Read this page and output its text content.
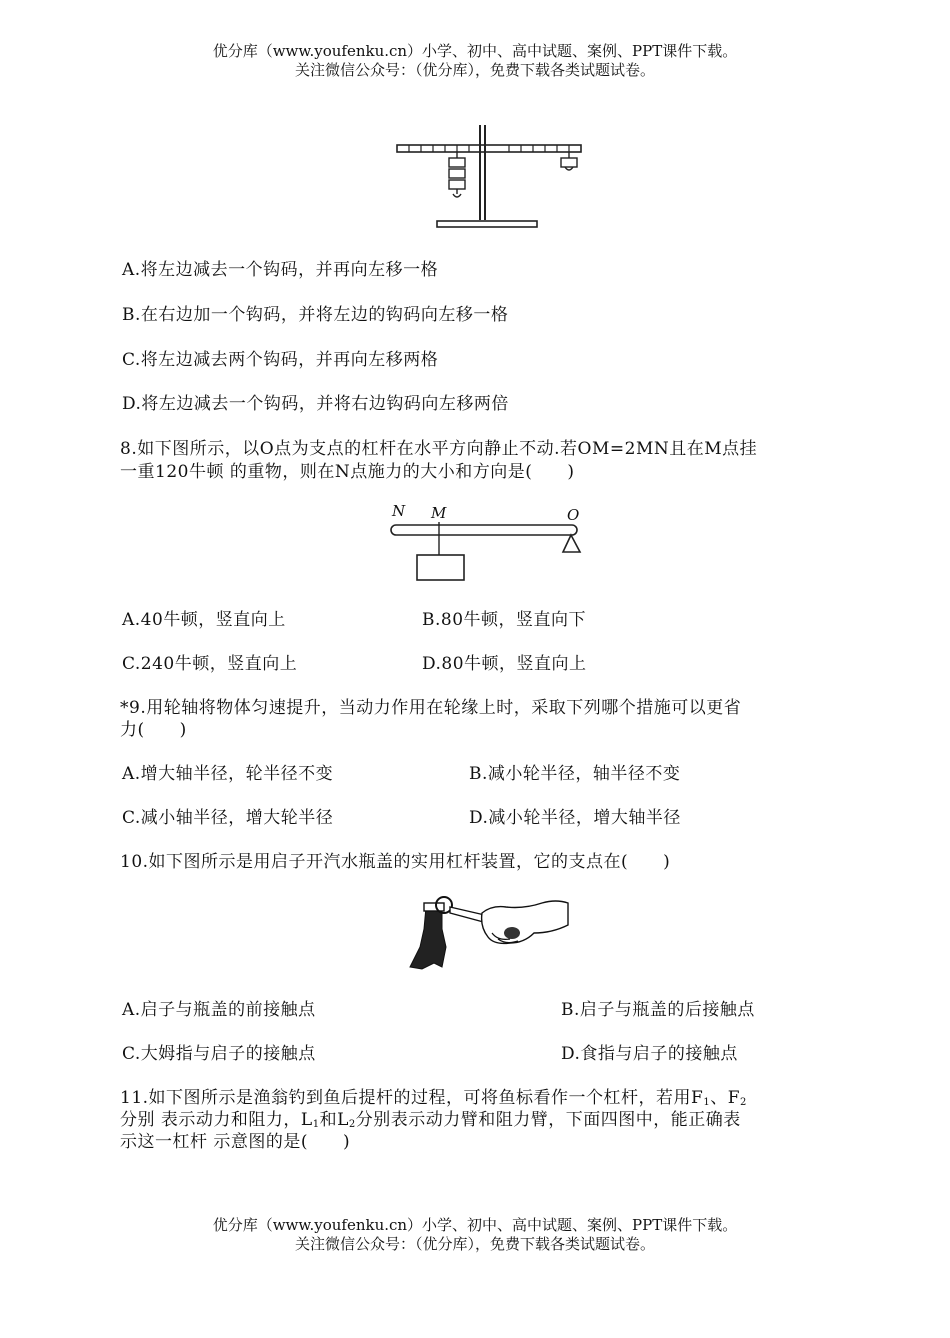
优分库（www.youfenku.cn）小学、初中、高中试题、案例、PPT课件下载。
关注微信公众号：（优分库），免费下载各类试题试卷。
A.将左边减去一个钩码，并再向左移一格
B.在右边加一个钩码，并将左边的钩码向左移一格
C.将左边减去两个钩码，并再向左移两格
D.将左边减去一个钩码，并将右边钩码向左移两倍
8.如下图所示，以O点为支点的杠杆在水平方向静止不动.若OM=2MN且在M点挂
一重120牛顿 的重物，则在N点施力的大小和方向是(　　)
N M	O
A.40牛顿，竖直向上	B.80牛顿，竖直向下
C.240牛顿，竖直向上	D.80牛顿，竖直向上
*9.用轮轴将物体匀速提升，当动力作用在轮缘上时，采取下列哪个措施可以更省
力(　　)
A.增大轴半径，轮半径不变	B.减小轮半径，轴半径不变
C.减小轴半径，增大轮半径	D.减小轮半径，增大轴半径
10.如下图所示是用启子开汽水瓶盖的实用杠杆装置，它的支点在(　　)
A.启子与瓶盖的前接触点	B.启子与瓶盖的后接触点
C.大姆指与启子的接触点	D.食指与启子的接触点
11.如下图所示是渔翁钓到鱼后提杆的过程，可将鱼标看作一个杠杆，若用$F_1$、$F_2$
分别 表示动力和阻力，$L_1$和$L_2$分别表示动力臂和阻力臂，下面四图中，能正确表
示这一杠杆 示意图的是(　　)
优分库（www.youfenku.cn）小学、初中、高中试题、案例、PPT课件下载。
关注微信公众号：（优分库），免费下载各类试题试卷。
